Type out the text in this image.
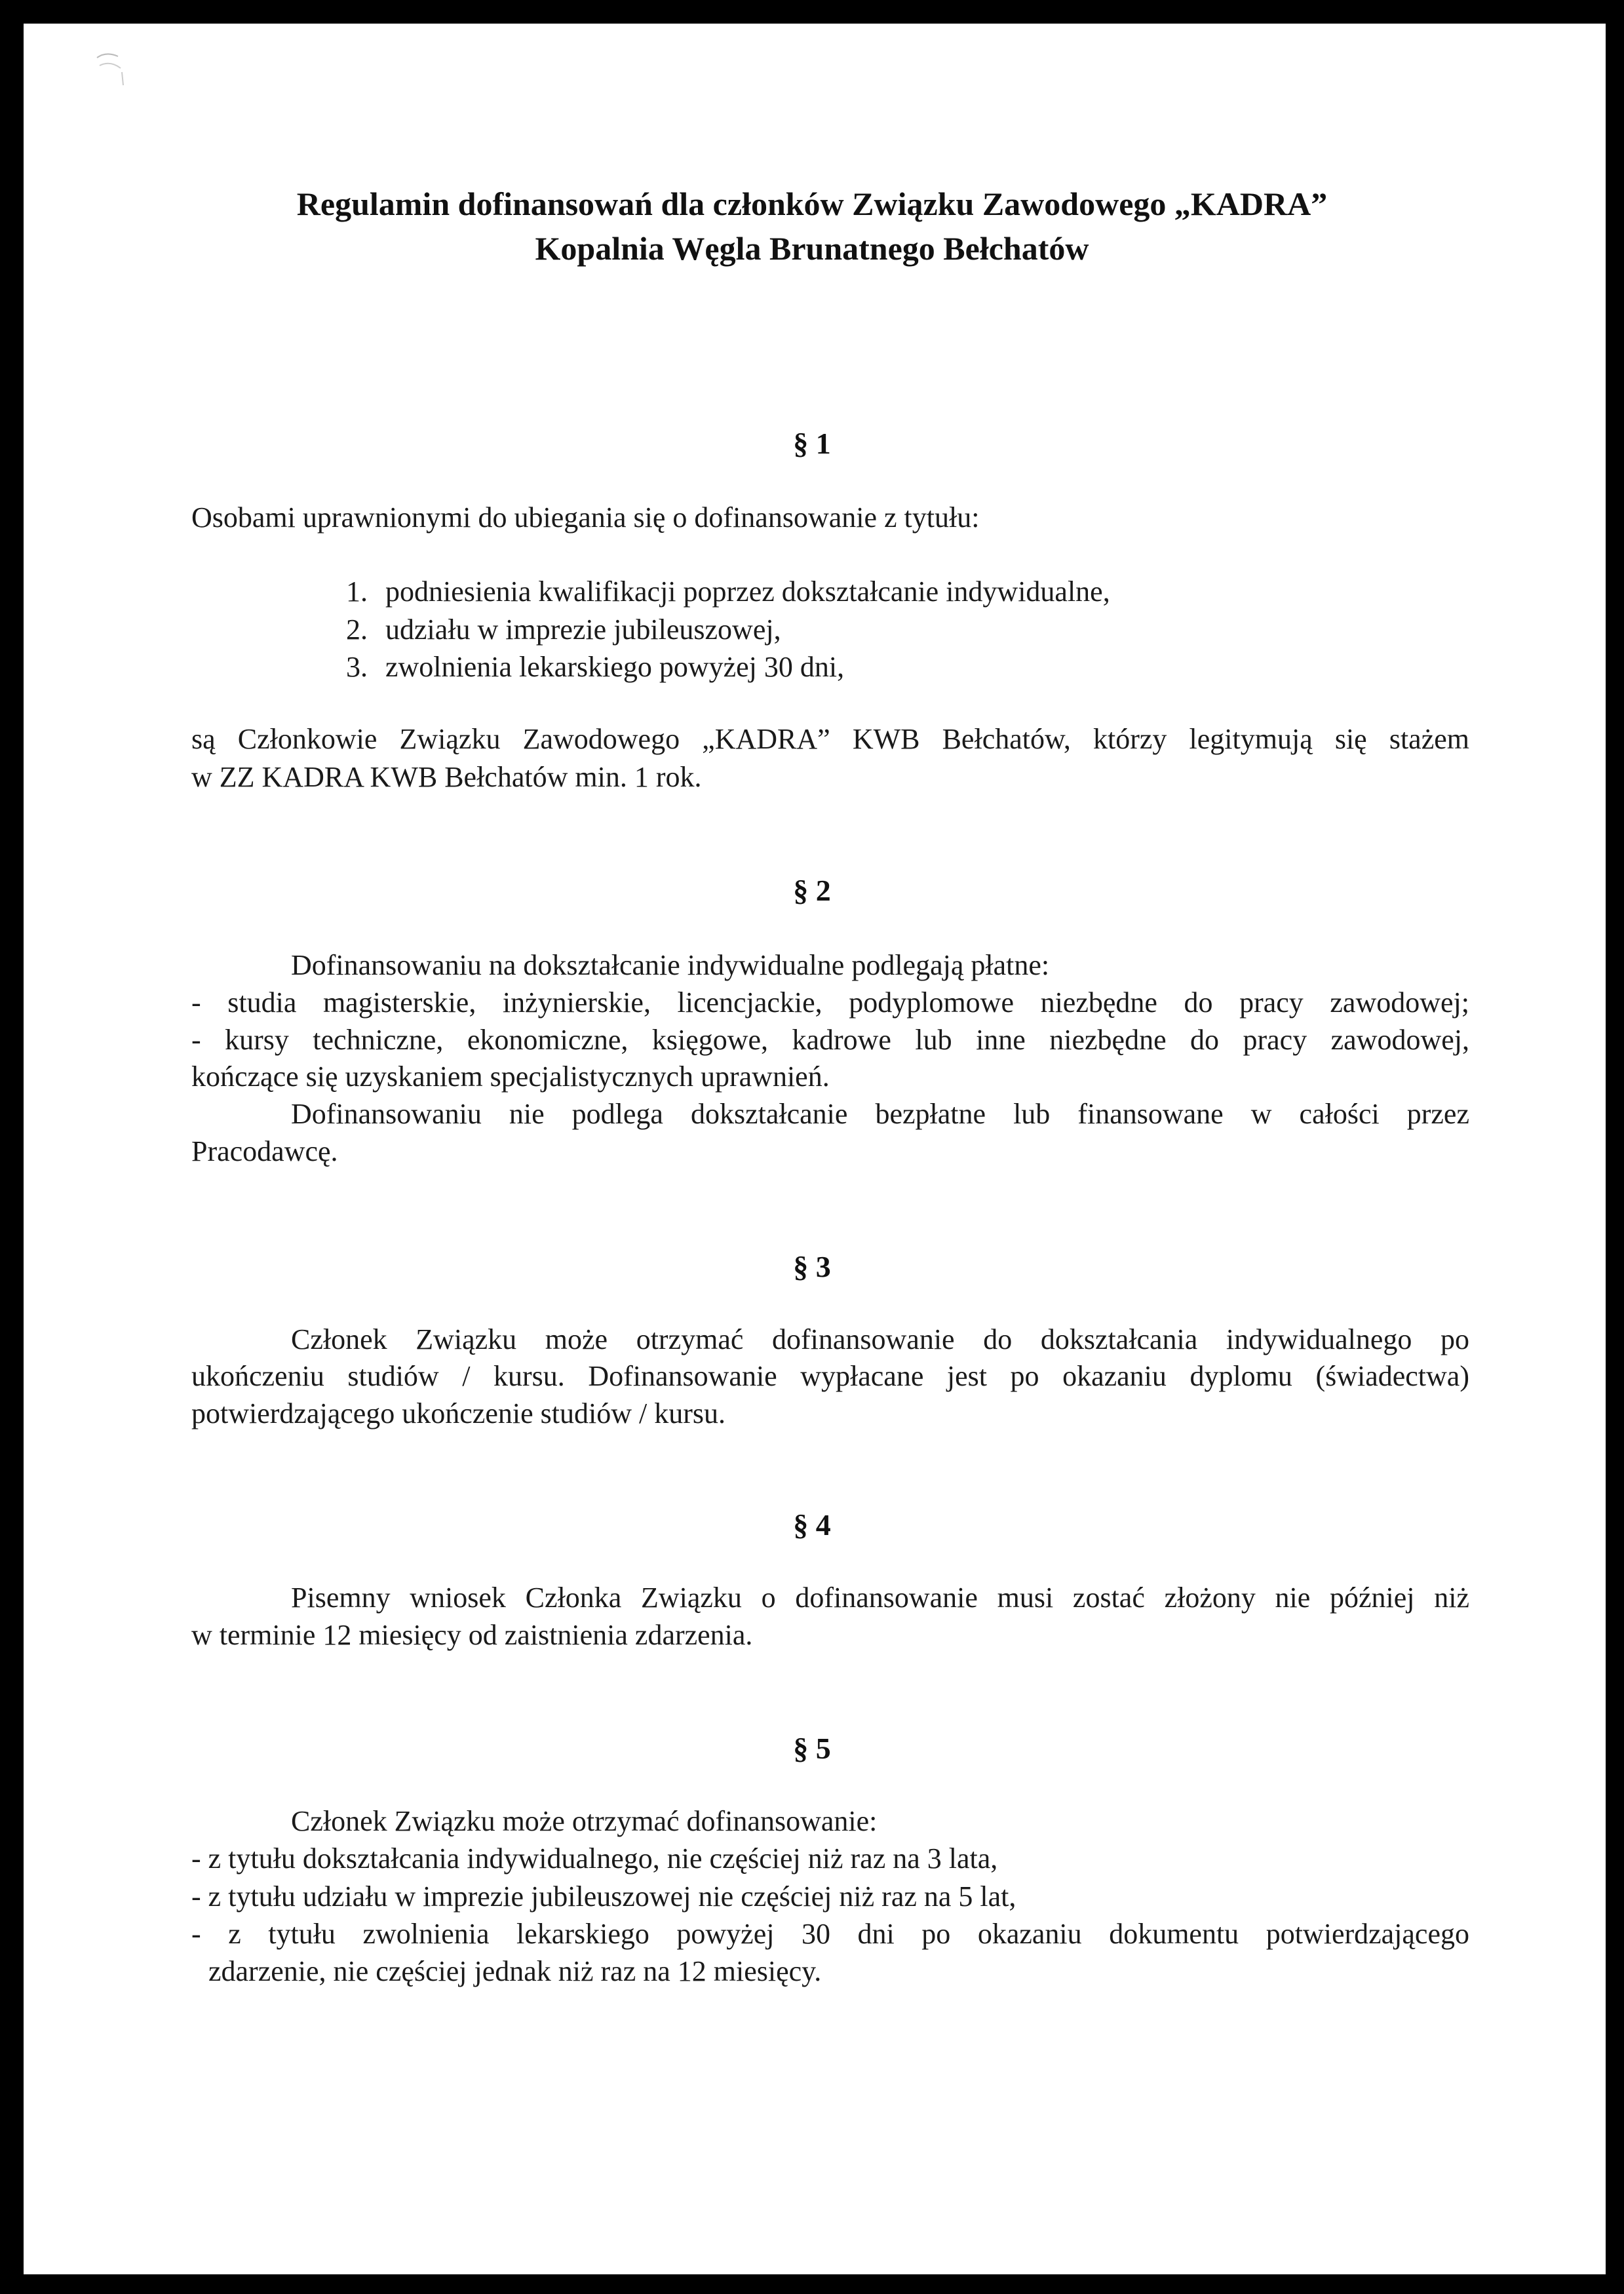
Regulamin dofinansowań dla członków Związku Zawodowego „KADRA”
Kopalnia Węgla Brunatnego Bełchatów
§ 1
Osobami uprawnionymi do ubiegania się o dofinansowanie z tytułu:
1. podniesienia kwalifikacji poprzez dokształcanie indywidualne,
2. udziału w imprezie jubileuszowej,
3. zwolnienia lekarskiego powyżej 30 dni,
są Członkowie Związku Zawodowego „KADRA” KWB Bełchatów, którzy legitymują się stażem
w ZZ KADRA KWB Bełchatów min. 1 rok.
§ 2
Dofinansowaniu na dokształcanie indywidualne podlegają płatne:
- studia magisterskie, inżynierskie, licencjackie, podyplomowe niezbędne do pracy zawodowej;
- kursy techniczne, ekonomiczne, księgowe, kadrowe lub inne niezbędne do pracy zawodowej,
kończące się uzyskaniem specjalistycznych uprawnień.
Dofinansowaniu nie podlega dokształcanie bezpłatne lub finansowane w całości przez
Pracodawcę.
§ 3
Członek Związku może otrzymać dofinansowanie do dokształcania indywidualnego po
ukończeniu studiów / kursu. Dofinansowanie wypłacane jest po okazaniu dyplomu (świadectwa)
potwierdzającego ukończenie studiów / kursu.
§ 4
Pisemny wniosek Członka Związku o dofinansowanie musi zostać złożony nie później niż
w terminie 12 miesięcy od zaistnienia zdarzenia.
§ 5
Członek Związku może otrzymać dofinansowanie:
- z tytułu dokształcania indywidualnego, nie częściej niż raz na 3 lata,
- z tytułu udziału w imprezie jubileuszowej nie częściej niż raz na 5 lat,
-  z  tytułu  zwolnienia  lekarskiego  powyżej  30  dni  po  okazaniu  dokumentu  potwierdzającego
zdarzenie, nie częściej jednak niż raz na 12 miesięcy.
